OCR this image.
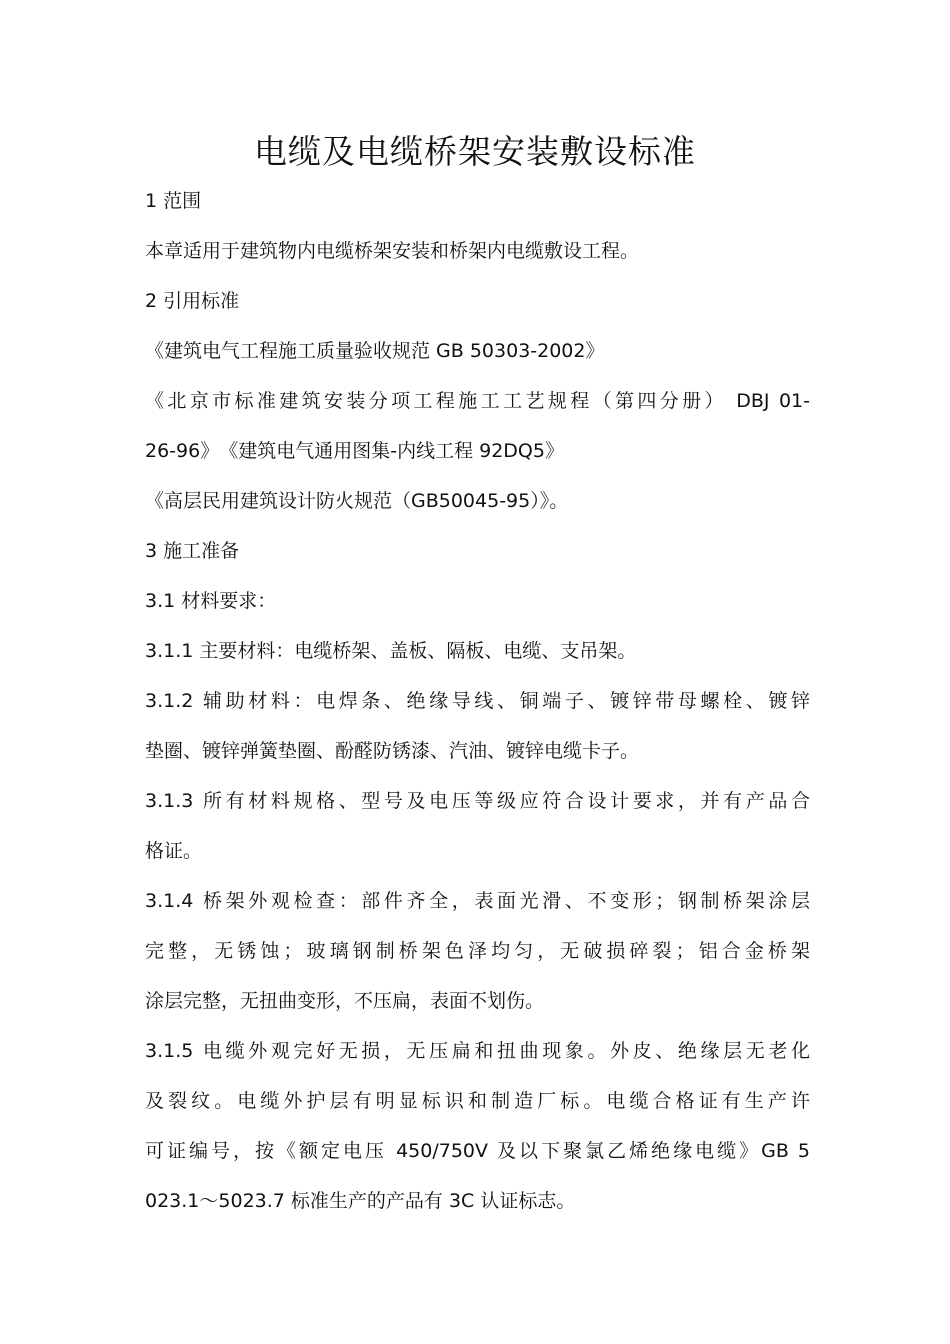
电缆及电缆桥架安装敷设标准
1 范围
本章适用于建筑物内电缆桥架安装和桥架内电缆敷设工程。
2 引用标准
《建筑电气工程施工质量验收规范 GB 50303-2002》
《北京市标准建筑安装分项工程施工工艺规程（第四分册） DBJ 01-
26-96》　《建筑电气通用图集-内线工程 92DQ5》
《高层民用建筑设计防火规范（GB50045-95）》。
3 施工准备
3.1 材料要求：
3.1.1 主要材料：电缆桥架、盖板、隔板、电缆、支吊架。
3.1.2 辅助材料：电焊条、绝缘导线、铜端子、镀锌带母螺栓、镀锌
垫圈、镀锌弹簧垫圈、酚醛防锈漆、汽油、镀锌电缆卡子。
3.1.3 所有材料规格、型号及电压等级应符合设计要求，并有产品合
格证。
3.1.4 桥架外观检查：部件齐全，表面光滑、不变形；钢制桥架涂层
完整，无锈蚀；玻璃钢制桥架色泽均匀，无破损碎裂；铝合金桥架
涂层完整，无扭曲变形，不压扁，表面不划伤。
3.1.5 电缆外观完好无损，无压扁和扭曲现象。外皮、绝缘层无老化
及裂纹。电缆外护层有明显标识和制造厂标。电缆合格证有生产许
可证编号，按《额定电压 450/750V 及以下聚氯乙烯绝缘电缆》GB 5
023.1～5023.7 标准生产的产品有 3C 认证标志。
